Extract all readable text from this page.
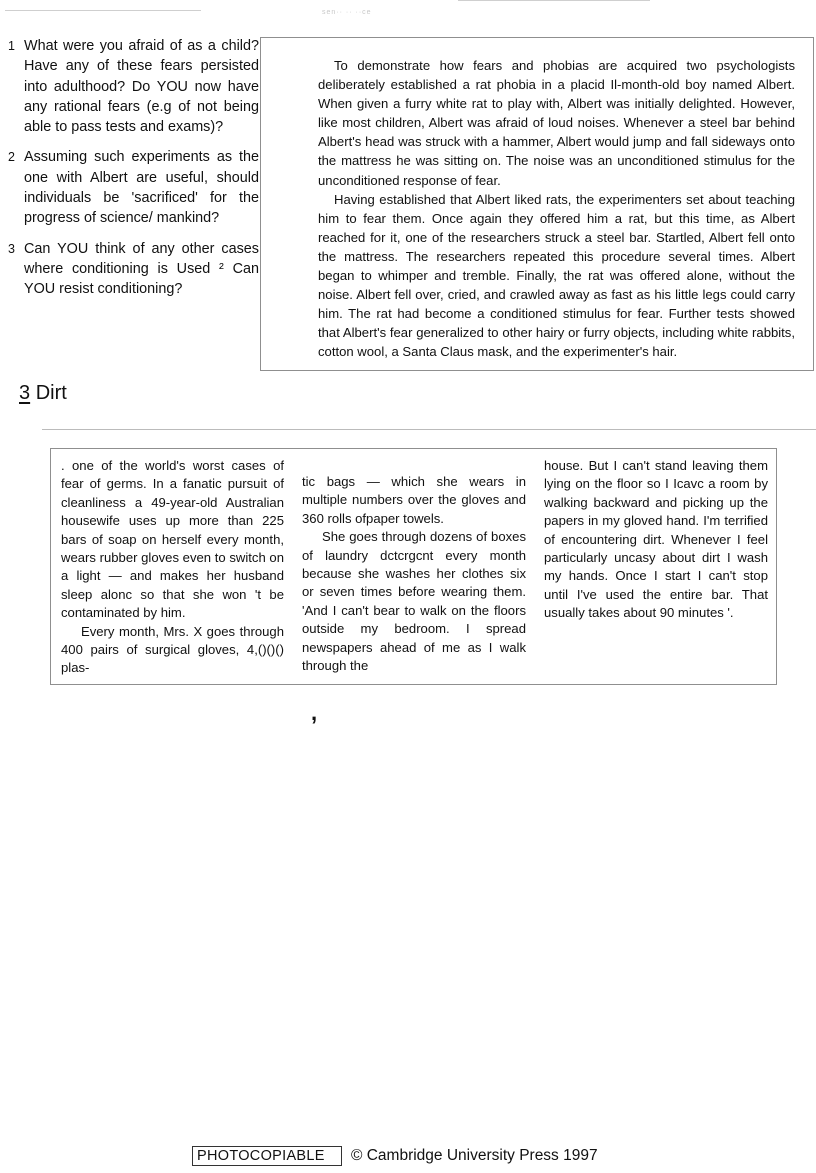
sen·· ·· ··ce
1 What were you afraid of as a child? Have any of these fears persisted into adulthood? Do YOU now have any rational fears (e.g of not being able to pass tests and exams)?
2 Assuming such experiments as the one with Albert are useful, should individuals be 'sacrificed' for the progress of science/ mankind?
3 Can YOU think of any other cases where conditioning is Used ² Can YOU resist conditioning?

To demonstrate how fears and phobias are acquired two psychologists deliberately established a rat phobia in a placid Il-month-old boy named Albert. When given a furry white rat to play with, Albert was initially delighted. However, like most children, Albert was afraid of loud noises. Whenever a steel bar behind Albert's head was struck with a hammer, Albert would jump and fall sideways onto the mattress he was sitting on. The noise was an unconditioned stimulus for the unconditioned response of fear.

Having established that Albert liked rats, the experimenters set about teaching him to fear them. Once again they offered him a rat, but this time, as Albert reached for it, one of the researchers struck a steel bar. Startled, Albert fell onto the mattress. The researchers repeated this procedure several times. Albert began to whimper and tremble. Finally, the rat was offered alone, without the noise. Albert fell over, cried, and crawled away as fast as his little legs could carry him. The rat had become a conditioned stimulus for fear. Further tests showed that Albert's fear generalized to other hairy or furry objects, including white rabbits, cotton wool, a Santa Claus mask, and the experimenter's hair.

3 Dirt

. one of the world's worst cases of fear of germs. In a fanatic pursuit of cleanliness a 49-year-old Australian housewife uses up more than 225 bars of soap on herself every month, wears rubber gloves even to switch on a light — and makes her husband sleep alonc so that she won 't be contaminated by him.

Every month, Mrs. X goes through 400 pairs of surgical gloves, 4,()()() plas-

tic bags — which she wears in multiple numbers over the gloves and 360 rolls ofpaper towels.

She goes through dozens of boxes of laundry dctcrgcnt every month because she washes her clothes six or seven times before wearing them. 'And I can't bear to walk on the floors outside my bedroom. I spread newspapers ahead of me as I walk through the

house. But I can't stand leaving them lying on the floor so I Icavc a room by walking backward and picking up the papers in my gloved hand. I'm terrified of encountering dirt. Whenever I feel particularly uncasy about dirt I wash my hands. Once I start I can't stop until I've used the entire bar. That usually takes about 90 minutes '.

,
PHOTOCOPIABLE	© Cambridge University Press 1997
